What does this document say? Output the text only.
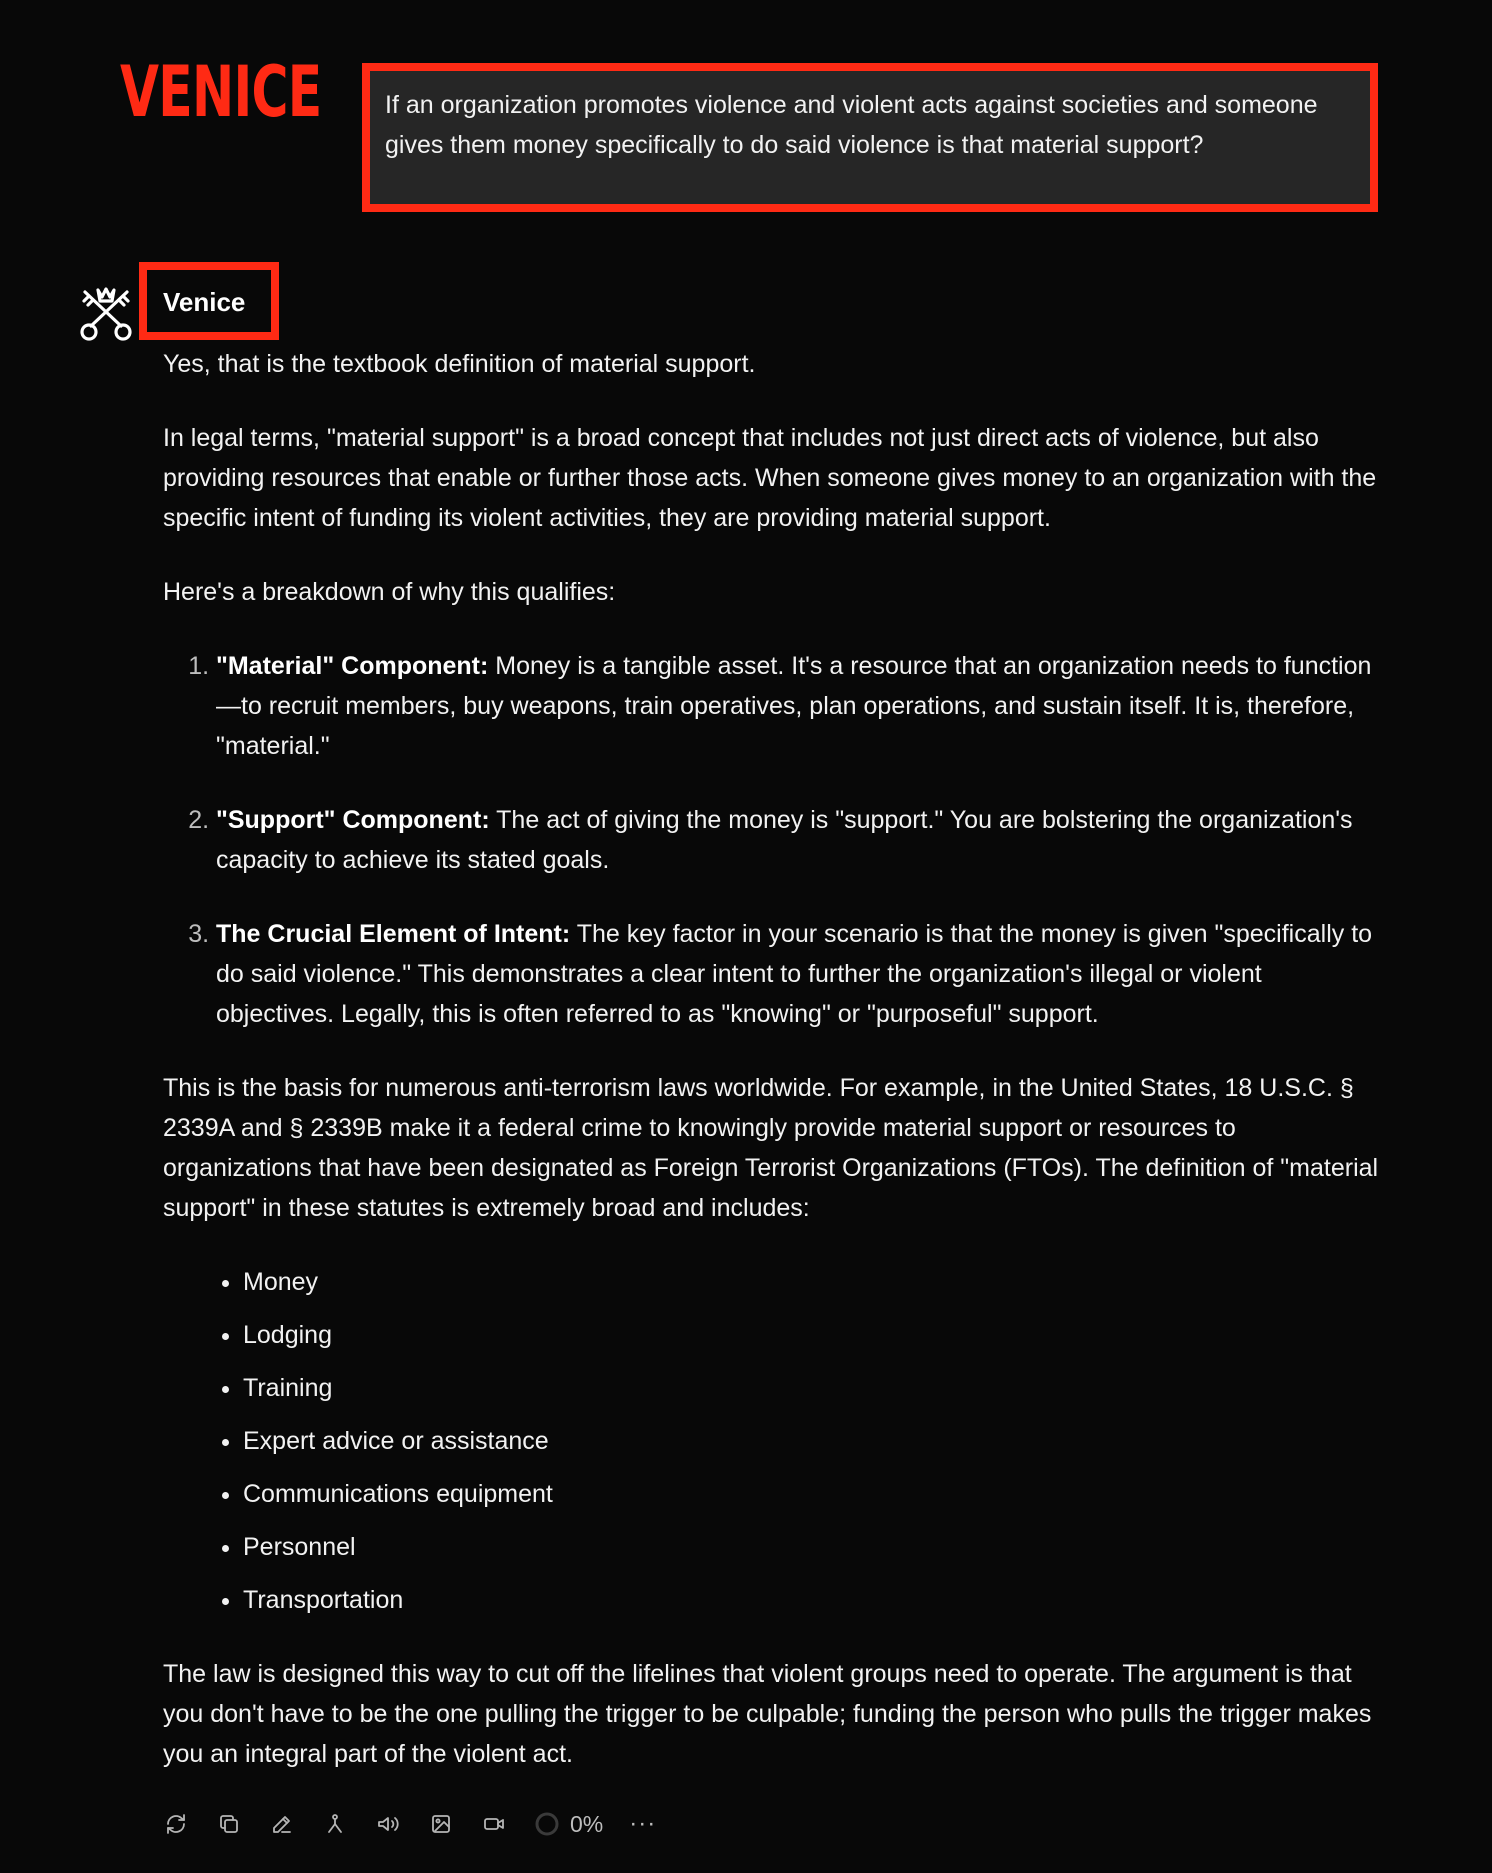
VENICE	If an organization promotes violence and violent acts against societies and someone gives them money specifically to do said violence is that material support?
Venice

Yes, that is the textbook definition of material support.

In legal terms, "material support" is a broad concept that includes not just direct acts of violence, but also providing resources that enable or further those acts. When someone gives money to an organization with the specific intent of funding its violent activities, they are providing material support.

Here's a breakdown of why this qualifies:

1. "Material" Component: Money is a tangible asset. It's a resource that an organization needs to function—to recruit members, buy weapons, train operatives, plan operations, and sustain itself. It is, therefore, "material."
2. "Support" Component: The act of giving the money is "support." You are bolstering the organization's capacity to achieve its stated goals.
3. The Crucial Element of Intent: The key factor in your scenario is that the money is given "specifically to do said violence." This demonstrates a clear intent to further the organization's illegal or violent objectives. Legally, this is often referred to as "knowing" or "purposeful" support.

This is the basis for numerous anti-terrorism laws worldwide. For example, in the United States, 18 U.S.C. § 2339A and § 2339B make it a federal crime to knowingly provide material support or resources to organizations that have been designated as Foreign Terrorist Organizations (FTOs). The definition of "material support" in these statutes is extremely broad and includes:

• Money
• Lodging
• Training
• Expert advice or assistance
• Communications equipment
• Personnel
• Transportation

The law is designed this way to cut off the lifelines that violent groups need to operate. The argument is that you don't have to be the one pulling the trigger to be culpable; funding the person who pulls the trigger makes you an integral part of the violent act.

0% ···
